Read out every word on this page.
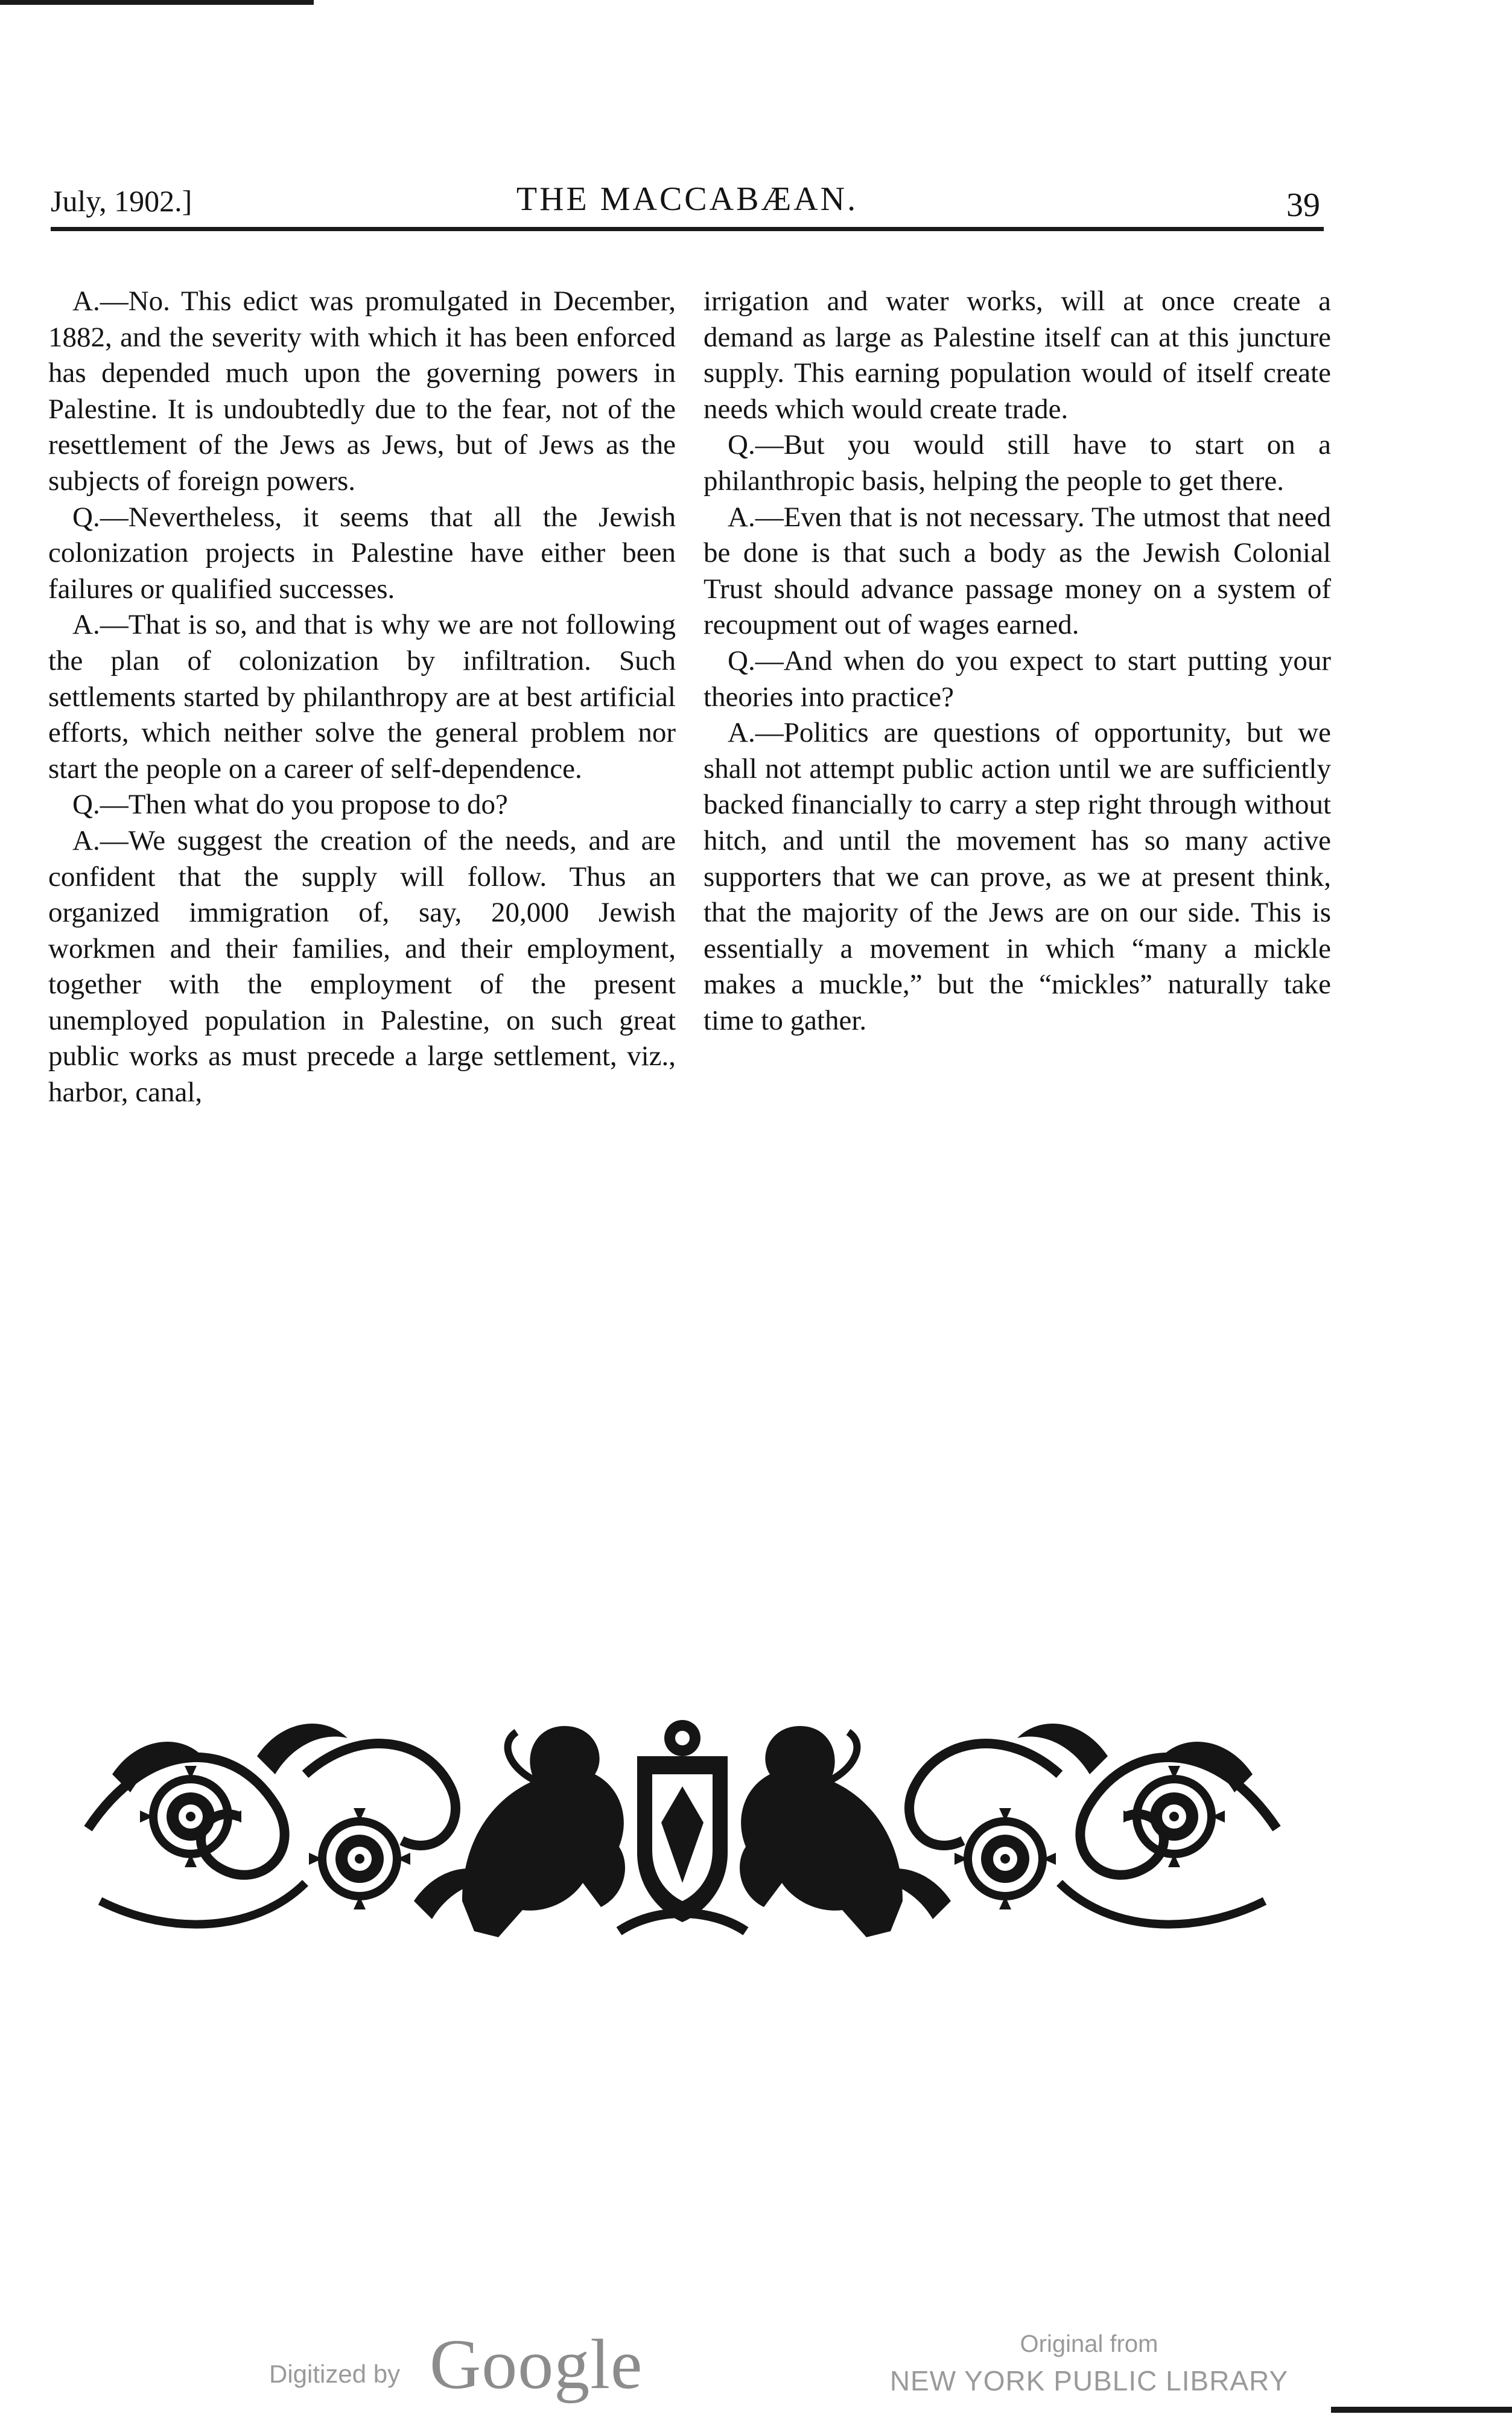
July, 1902.]	THE MACCABÆAN.	39

A.—No. This edict was promulgated in December, 1882, and the severity with which it has been enforced has depended much upon the governing powers in Palestine. It is undoubtedly due to the fear, not of the resettlement of the Jews as Jews, but of Jews as the subjects of foreign powers.

Q.—Nevertheless, it seems that all the Jewish colonization projects in Palestine have either been failures or qualified successes.

A.—That is so, and that is why we are not following the plan of colonization by infiltration. Such settlements started by philanthropy are at best artificial efforts, which neither solve the general problem nor start the people on a career of self-dependence.

Q.—Then what do you propose to do?

A.—We suggest the creation of the needs, and are confident that the supply will follow. Thus an organized immigration of, say, 20,000 Jewish workmen and their families, and their employment, together with the employment of the present unemployed population in Palestine, on such great public works as must precede a large settlement, viz., harbor, canal,

irrigation and water works, will at once create a demand as large as Palestine itself can at this juncture supply. This earning population would of itself create needs which would create trade.

Q.—But you would still have to start on a philanthropic basis, helping the people to get there.

A.—Even that is not necessary. The utmost that need be done is that such a body as the Jewish Colonial Trust should advance passage money on a system of recoupment out of wages earned.

Q.—And when do you expect to start putting your theories into practice?

A.—Politics are questions of opportunity, but we shall not attempt public action until we are sufficiently backed financially to carry a step right through without hitch, and until the movement has so many active supporters that we can prove, as we at present think, that the majority of the Jews are on our side. This is essentially a movement in which “many a mickle makes a muckle,” but the “mickles” naturally take time to gather.

Digitized by Google	Original from
NEW YORK PUBLIC LIBRARY
